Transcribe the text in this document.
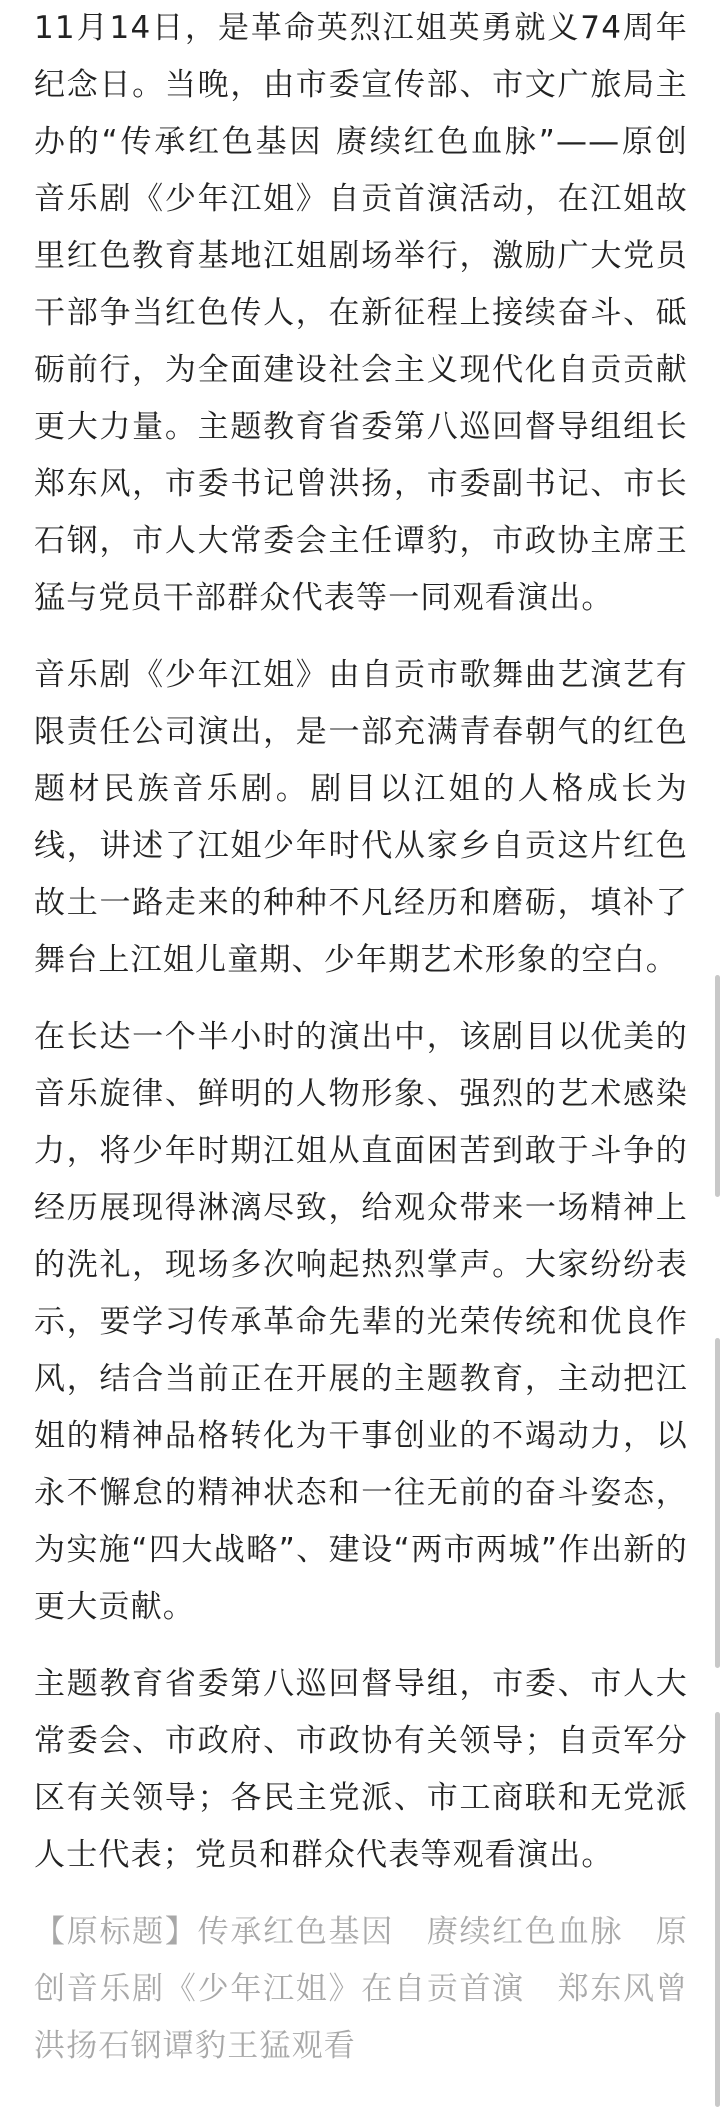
11月14日，是革命英烈江姐英勇就义74周年纪念日。当晚，由市委宣传部、市文广旅局主办的“传承红色基因 赓续红色血脉”——原创音乐剧《少年江姐》自贡首演活动，在江姐故里红色教育基地江姐剧场举行，激励广大党员干部争当红色传人，在新征程上接续奋斗、砥砺前行，为全面建设社会主义现代化自贡贡献更大力量。主题教育省委第八巡回督导组组长郑东风，市委书记曾洪扬，市委副书记、市长石钢，市人大常委会主任谭豹，市政协主席王猛与党员干部群众代表等一同观看演出。

音乐剧《少年江姐》由自贡市歌舞曲艺演艺有限责任公司演出，是一部充满青春朝气的红色题材民族音乐剧。剧目以江姐的人格成长为线，讲述了江姐少年时代从家乡自贡这片红色故土一路走来的种种不凡经历和磨砺，填补了舞台上江姐儿童期、少年期艺术形象的空白。

在长达一个半小时的演出中，该剧目以优美的音乐旋律、鲜明的人物形象、强烈的艺术感染力，将少年时期江姐从直面困苦到敢于斗争的经历展现得淋漓尽致，给观众带来一场精神上的洗礼，现场多次响起热烈掌声。大家纷纷表示，要学习传承革命先辈的光荣传统和优良作风，结合当前正在开展的主题教育，主动把江姐的精神品格转化为干事创业的不竭动力，以永不懈怠的精神状态和一往无前的奋斗姿态，为实施“四大战略”、建设“两市两城”作出新的更大贡献。

主题教育省委第八巡回督导组，市委、市人大常委会、市政府、市政协有关领导；自贡军分区有关领导；各民主党派、市工商联和无党派人士代表；党员和群众代表等观看演出。

【原标题】传承红色基因　赓续红色血脉　原创音乐剧《少年江姐》在自贡首演　郑东风曾洪扬石钢谭豹王猛观看
